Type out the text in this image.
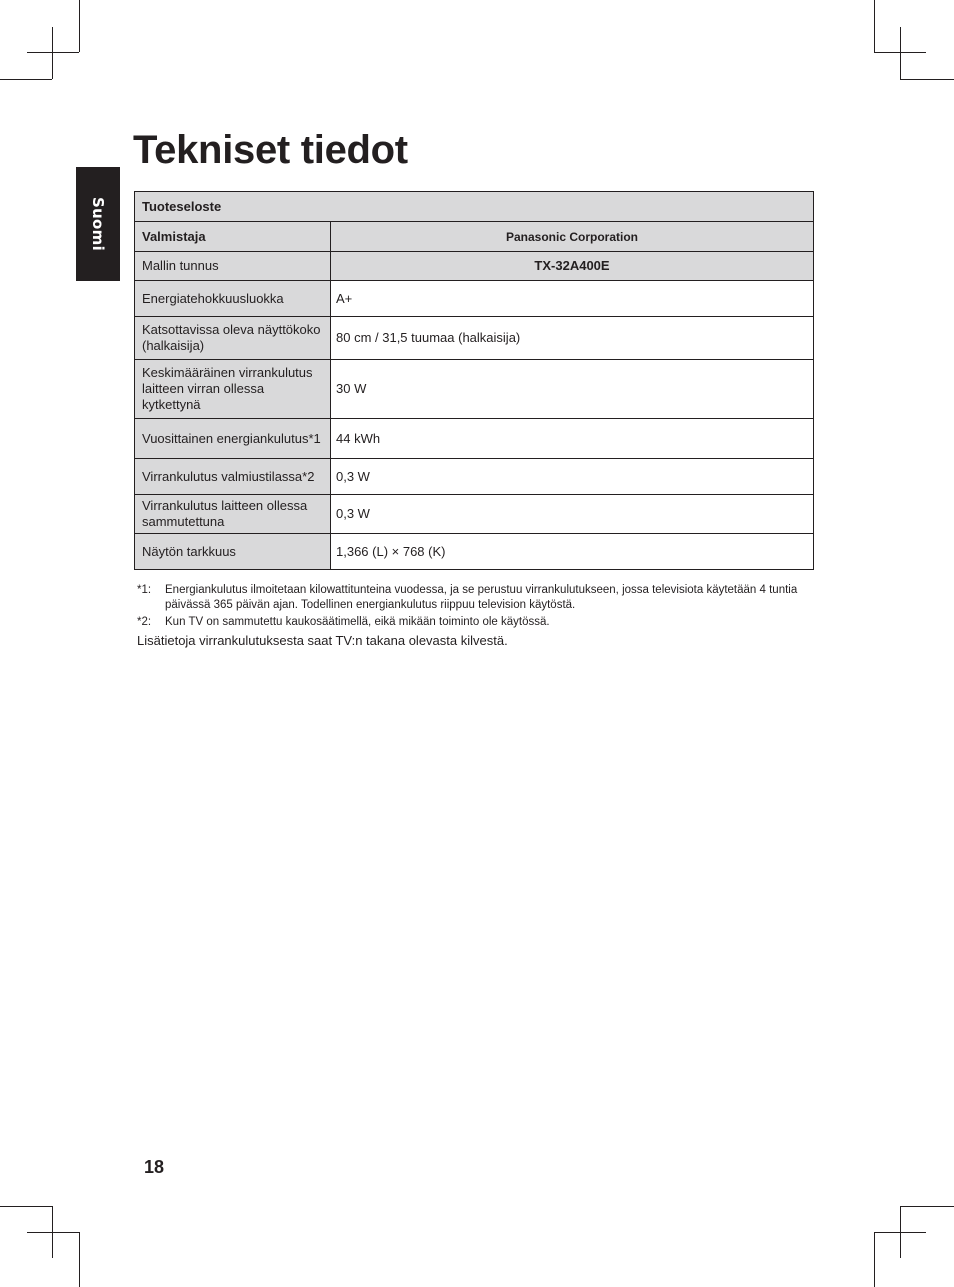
Suomi
Tekniset tiedot
Tuoteseloste	
Valmistaja	Panasonic Corporation
Mallin tunnus	TX-32A400E
Energiatehokkuusluokka	A+
Katsottavissa oleva näyttökoko (halkaisija)	80 cm / 31,5 tuumaa (halkaisija)
Keskimääräinen virrankulutus laitteen virran ollessa kytkettynä	30 W
Vuosittainen energiankulutus*1	44 kWh
Virrankulutus valmiustilassa*2	0,3 W
Virrankulutus laitteen ollessa sammutettuna	0,3 W
Näytön tarkkuus	1,366 (L) × 768 (K)
*1:	Energiankulutus ilmoitetaan kilowattitunteina vuodessa, ja se perustuu virrankulutukseen, jossa televisiota käytetään 4 tuntia päivässä 365 päivän ajan. Todellinen energiankulutus riippuu television käytöstä.
*2:	Kun TV on sammutettu kaukosäätimellä, eikä mikään toiminto ole käytössä.
Lisätietoja virrankulutuksesta saat TV:n takana olevasta kilvestä.
18
